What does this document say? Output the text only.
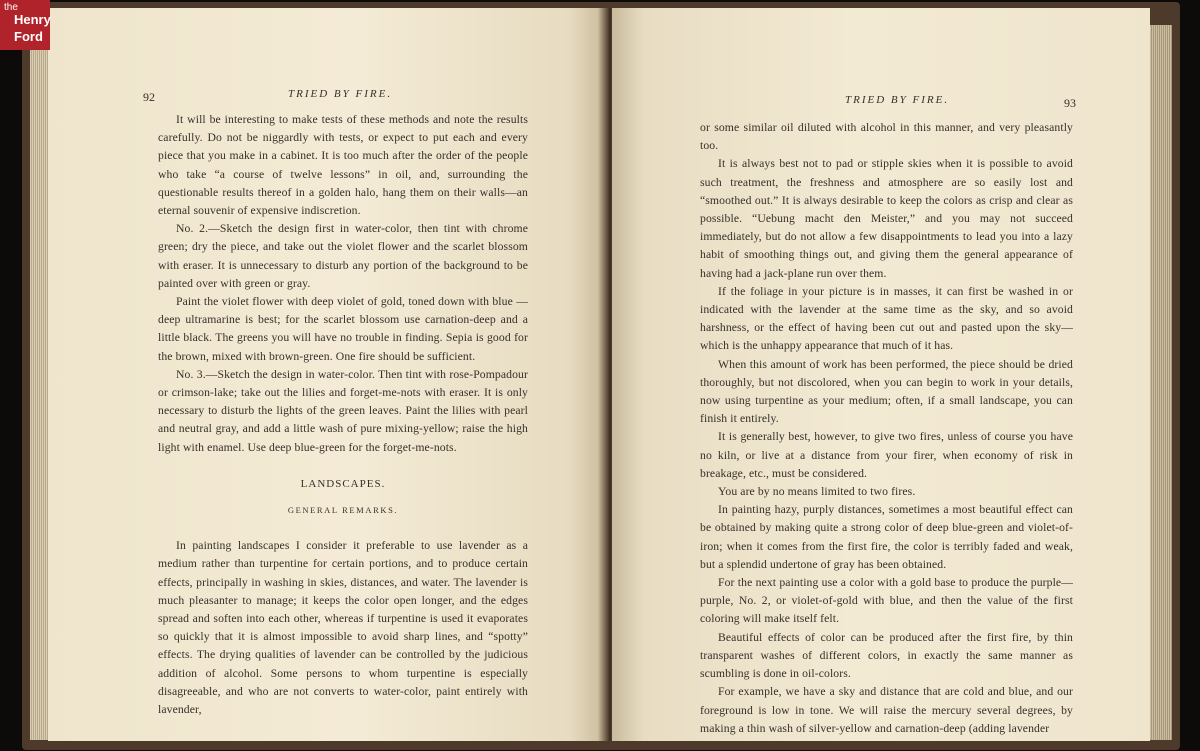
92	TRIED BY FIRE.

It will be interesting to make tests of these methods and note the results carefully. Do not be niggardly with tests, or expect to put each and every piece that you make in a cabinet. It is too much after the order of the people who take “a course of twelve lessons” in oil, and, surrounding the questionable results thereof in a golden halo, hang them on their walls—an eternal souvenir of expensive indiscretion.

No. 2.—Sketch the design first in water-color, then tint with chrome green; dry the piece, and take out the violet flower and the scarlet blossom with eraser. It is unnecessary to disturb any portion of the background to be painted over with green or gray.

Paint the violet flower with deep violet of gold, toned down with blue —deep ultramarine is best; for the scarlet blossom use carnation-deep and a little black. The greens you will have no trouble in finding. Sepia is good for the brown, mixed with brown-green. One fire should be sufficient.

No. 3.—Sketch the design in water-color. Then tint with rose-Pompadour or crimson-lake; take out the lilies and forget-me-nots with eraser. It is only necessary to disturb the lights of the green leaves. Paint the lilies with pearl and neutral gray, and add a little wash of pure mixing-yellow; raise the high light with enamel. Use deep blue-green for the forget-me-nots.

LANDSCAPES.
GENERAL REMARKS.

In painting landscapes I consider it preferable to use lavender as a medium rather than turpentine for certain portions, and to produce certain effects, principally in washing in skies, distances, and water. The lavender is much pleasanter to manage; it keeps the color open longer, and the edges spread and soften into each other, whereas if turpentine is used it evaporates so quickly that it is almost impossible to avoid sharp lines, and “spotty” effects. The drying qualities of lavender can be controlled by the judicious addition of alcohol. Some persons to whom turpentine is especially disagreeable, and who are not converts to water-color, paint entirely with lavender,

TRIED BY FIRE.	93

or some similar oil diluted with alcohol in this manner, and very pleasantly too.

It is always best not to pad or stipple skies when it is possible to avoid such treatment, the freshness and atmosphere are so easily lost and “smoothed out.” It is always desirable to keep the colors as crisp and clear as possible. “Uebung macht den Meister,” and you may not succeed immediately, but do not allow a few disappointments to lead you into a lazy habit of smoothing things out, and giving them the general appearance of having had a jack-plane run over them.

If the foliage in your picture is in masses, it can first be washed in or indicated with the lavender at the same time as the sky, and so avoid harshness, or the effect of having been cut out and pasted upon the sky—which is the unhappy appearance that much of it has.

When this amount of work has been performed, the piece should be dried thoroughly, but not discolored, when you can begin to work in your details, now using turpentine as your medium; often, if a small landscape, you can finish it entirely.

It is generally best, however, to give two fires, unless of course you have no kiln, or live at a distance from your firer, when economy of risk in breakage, etc., must be considered.

You are by no means limited to two fires.

In painting hazy, purply distances, sometimes a most beautiful effect can be obtained by making quite a strong color of deep blue-green and violet-of-iron; when it comes from the first fire, the color is terribly faded and weak, but a splendid undertone of gray has been obtained.

For the next painting use a color with a gold base to produce the purple—purple, No. 2, or violet-of-gold with blue, and then the value of the first coloring will make itself felt.

Beautiful effects of color can be produced after the first fire, by thin transparent washes of different colors, in exactly the same manner as scumbling is done in oil-colors.

For example, we have a sky and distance that are cold and blue, and our foreground is low in tone. We will raise the mercury several degrees, by making a thin wash of silver-yellow and carnation-deep (adding lavender

the
Henry
Ford
